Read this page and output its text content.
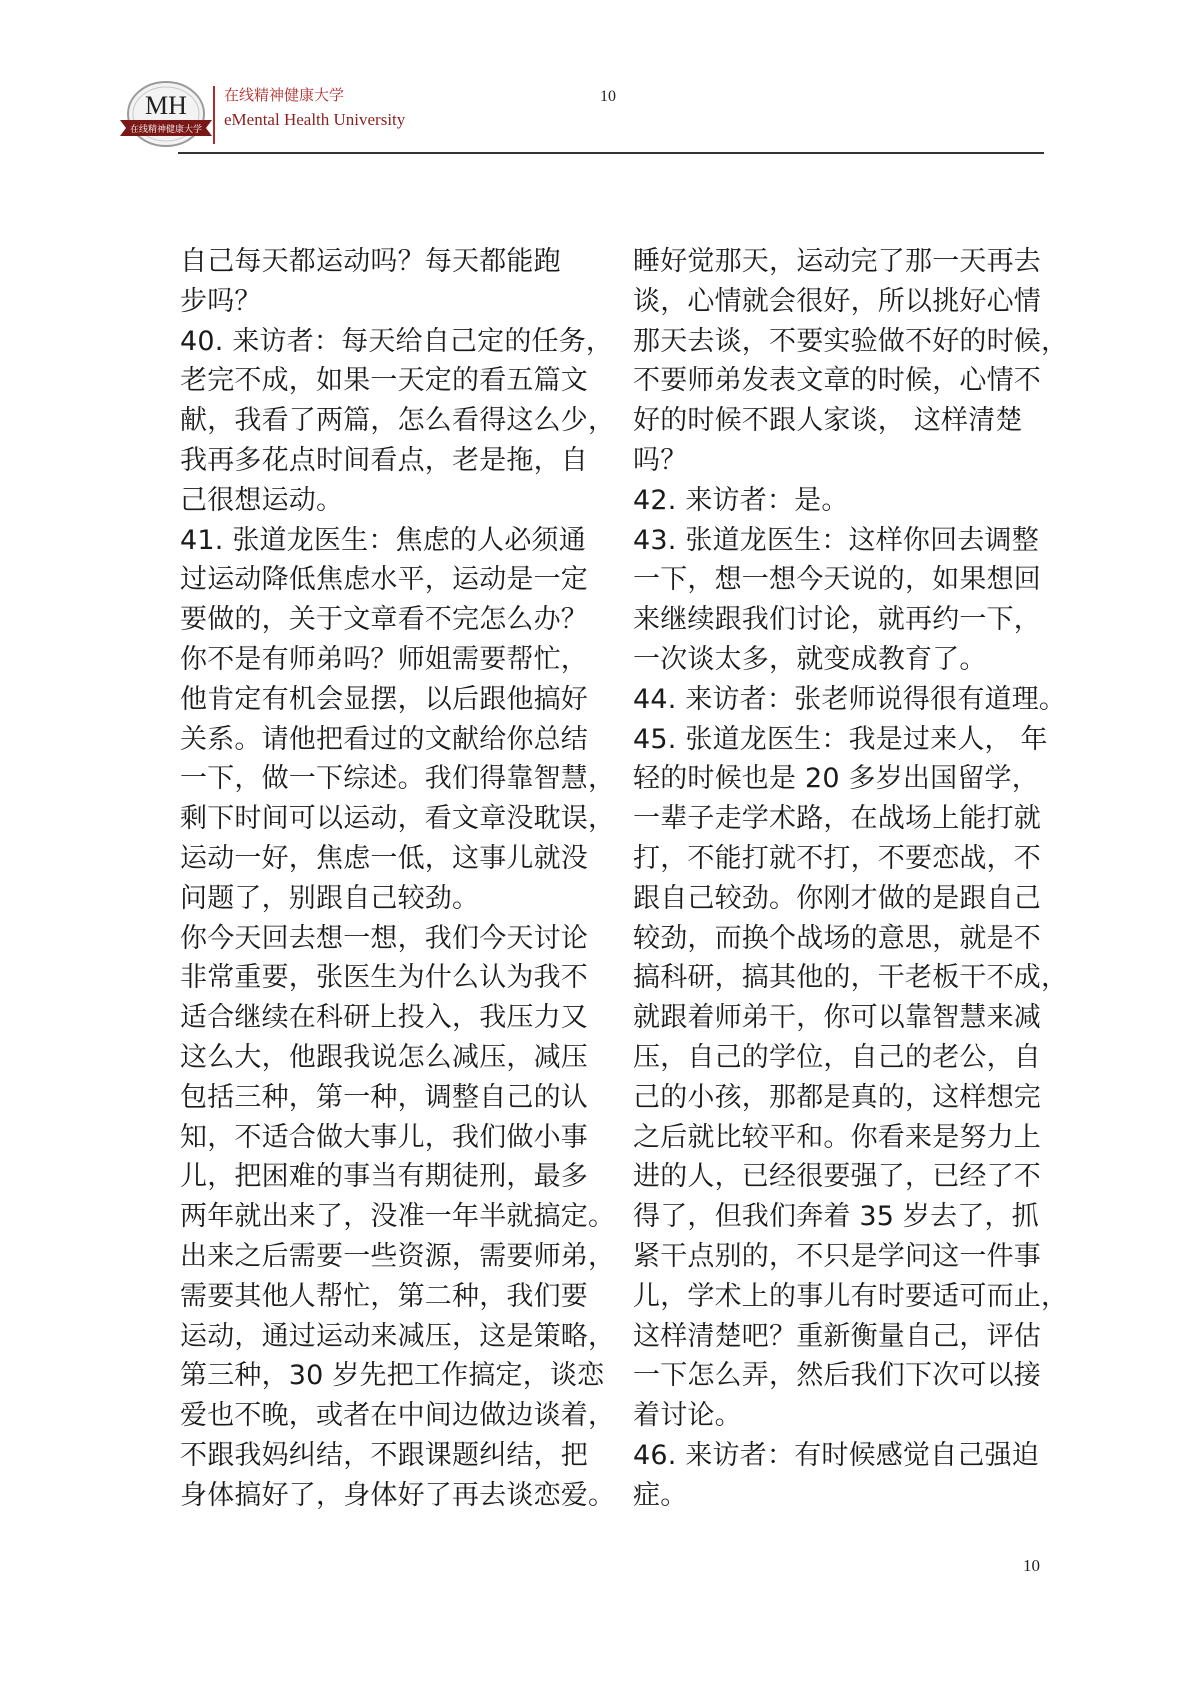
MH
在线精神健康大学
在线精神健康大学
eMental Health University
10

自己每天都运动吗？每天都能跑

步吗？

40. 来访者：每天给自己定的任务，

老完不成，如果一天定的看五篇文

献，我看了两篇，怎么看得这么少，

我再多花点时间看点，老是拖，自

己很想运动。

41. 张道龙医生：焦虑的人必须通

过运动降低焦虑水平，运动是一定

要做的，关于文章看不完怎么办？

你不是有师弟吗？师姐需要帮忙，

他肯定有机会显摆，以后跟他搞好

关系。请他把看过的文献给你总结

一下，做一下综述。我们得靠智慧，

剩下时间可以运动，看文章没耽误，

运动一好，焦虑一低，这事儿就没

问题了，别跟自己较劲。

你今天回去想一想，我们今天讨论

非常重要，张医生为什么认为我不

适合继续在科研上投入，我压力又

这么大，他跟我说怎么减压，减压

包括三种，第一种，调整自己的认

知，不适合做大事儿，我们做小事

儿，把困难的事当有期徒刑，最多

两年就出来了，没准一年半就搞定。

出来之后需要一些资源，需要师弟，

需要其他人帮忙，第二种，我们要

运动，通过运动来减压，这是策略，

第三种，30 岁先把工作搞定，谈恋

爱也不晚，或者在中间边做边谈着，

不跟我妈纠结，不跟课题纠结，把

身体搞好了，身体好了再去谈恋爱。

睡好觉那天，运动完了那一天再去

谈，心情就会很好，所以挑好心情

那天去谈，不要实验做不好的时候，

不要师弟发表文章的时候，心情不

好的时候不跟人家谈， 这样清楚

吗？

42. 来访者：是。

43. 张道龙医生：这样你回去调整

一下，想一想今天说的，如果想回

来继续跟我们讨论，就再约一下，

一次谈太多，就变成教育了。

44. 来访者：张老师说得很有道理。

45. 张道龙医生：我是过来人， 年

轻的时候也是 20 多岁出国留学，

一辈子走学术路，在战场上能打就

打，不能打就不打，不要恋战，不

跟自己较劲。你刚才做的是跟自己

较劲，而换个战场的意思，就是不

搞科研，搞其他的，干老板干不成，

就跟着师弟干，你可以靠智慧来减

压，自己的学位，自己的老公，自

己的小孩，那都是真的，这样想完

之后就比较平和。你看来是努力上

进的人，已经很要强了，已经了不

得了，但我们奔着 35 岁去了，抓

紧干点别的，不只是学问这一件事

儿，学术上的事儿有时要适可而止，

这样清楚吧？重新衡量自己，评估

一下怎么弄，然后我们下次可以接

着讨论。

46. 来访者：有时候感觉自己强迫

症。

10
